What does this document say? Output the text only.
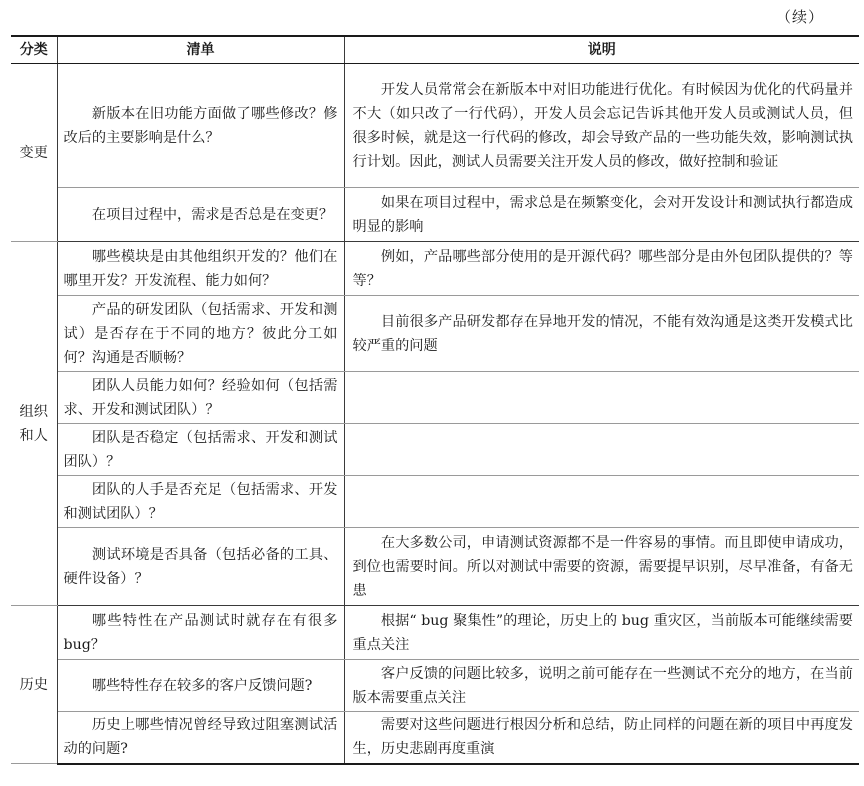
（续）
分类	清单	说明
变更	新版本在旧功能方面做了哪些修改？修改后的主要影响是什么？	开发人员常常会在新版本中对旧功能进行优化。有时候因为优化的代码量并不大（如只改了一行代码），开发人员会忘记告诉其他开发人员或测试人员，但很多时候，就是这一行代码的修改，却会导致产品的一些功能失效，影响测试执行计划。因此，测试人员需要关注开发人员的修改，做好控制和验证
	在项目过程中，需求是否总是在变更？	如果在项目过程中，需求总是在频繁变化，会对开发设计和测试执行都造成明显的影响
组织和人	哪些模块是由其他组织开发的？他们在哪里开发？开发流程、能力如何？	例如，产品哪些部分使用的是开源代码？哪些部分是由外包团队提供的？等等？
	产品的研发团队（包括需求、开发和测试）是否存在于不同的地方？彼此分工如何？沟通是否顺畅？	目前很多产品研发都存在异地开发的情况，不能有效沟通是这类开发模式比较严重的问题
	团队人员能力如何？经验如何（包括需求、开发和测试团队）？	
	团队是否稳定（包括需求、开发和测试团队）？	
	团队的人手是否充足（包括需求、开发和测试团队）？	
	测试环境是否具备（包括必备的工具、硬件设备）？	在大多数公司，申请测试资源都不是一件容易的事情。而且即使申请成功，到位也需要时间。所以对测试中需要的资源，需要提早识别，尽早准备，有备无患
历史	哪些特性在产品测试时就存在有很多 bug？	根据“ bug 聚集性”的理论，历史上的 bug 重灾区，当前版本可能继续需要重点关注
	哪些特性存在较多的客户反馈问题?	客户反馈的问题比较多，说明之前可能存在一些测试不充分的地方，在当前版本需要重点关注
	历史上哪些情况曾经导致过阻塞测试活动的问题?	需要对这些问题进行根因分析和总结，防止同样的问题在新的项目中再度发生，历史悲剧再度重演
